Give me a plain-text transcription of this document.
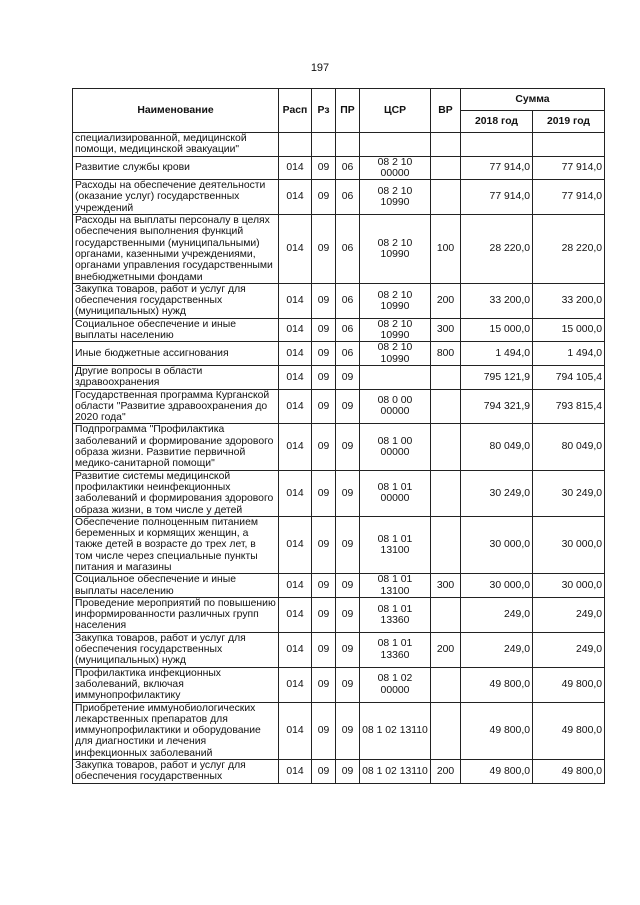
197
Наименование	Расп	Рз	ПР	ЦСР	ВР	Сумма	
						2018 год	2019 год
специализированной, медицинской помощи, медицинской эвакуации"							
Развитие службы крови	014	09	06	08 2 10 00000		77 914,0	77 914,0
Расходы на обеспечение деятельности (оказание услуг) государственных учреждений	014	09	06	08 2 10 10990		77 914,0	77 914,0
Расходы на выплаты персоналу в целях обеспечения выполнения функций государственными (муниципальными) органами, казенными учреждениями, органами управления государственными внебюджетными фондами	014	09	06	08 2 10 10990	100	28 220,0	28 220,0
Закупка товаров, работ и услуг для обеспечения государственных (муниципальных) нужд	014	09	06	08 2 10 10990	200	33 200,0	33 200,0
Социальное обеспечение и иные выплаты населению	014	09	06	08 2 10 10990	300	15 000,0	15 000,0
Иные бюджетные ассигнования	014	09	06	08 2 10 10990	800	1 494,0	1 494,0
Другие вопросы в области здравоохранения	014	09	09			795 121,9	794 105,4
Государственная программа Курганской области "Развитие здравоохранения до 2020 года"	014	09	09	08 0 00 00000		794 321,9	793 815,4
Подпрограмма "Профилактика заболеваний и формирование здорового образа жизни. Развитие первичной медико-санитарной помощи"	014	09	09	08 1 00 00000		80 049,0	80 049,0
Развитие системы медицинской профилактики неинфекционных заболеваний и формирования здорового образа жизни, в том числе у детей	014	09	09	08 1 01 00000		30 249,0	30 249,0
Обеспечение полноценным питанием беременных и кормящих женщин, а также детей в возрасте до трех лет, в том числе через специальные пункты питания и магазины	014	09	09	08 1 01 13100		30 000,0	30 000,0
Социальное обеспечение и иные выплаты населению	014	09	09	08 1 01 13100	300	30 000,0	30 000,0
Проведение мероприятий по повышению информированности различных групп населения	014	09	09	08 1 01 13360		249,0	249,0
Закупка товаров, работ и услуг для обеспечения государственных (муниципальных) нужд	014	09	09	08 1 01 13360	200	249,0	249,0
Профилактика инфекционных заболеваний, включая иммунопрофилактику	014	09	09	08 1 02 00000		49 800,0	49 800,0
Приобретение иммунобиологических лекарственных препаратов для иммунопрофилактики и оборудование для диагностики и лечения инфекционных заболеваний	014	09	09	08 1 02 13110		49 800,0	49 800,0
Закупка товаров, работ и услуг для обеспечения государственных	014	09	09	08 1 02 13110	200	49 800,0	49 800,0
